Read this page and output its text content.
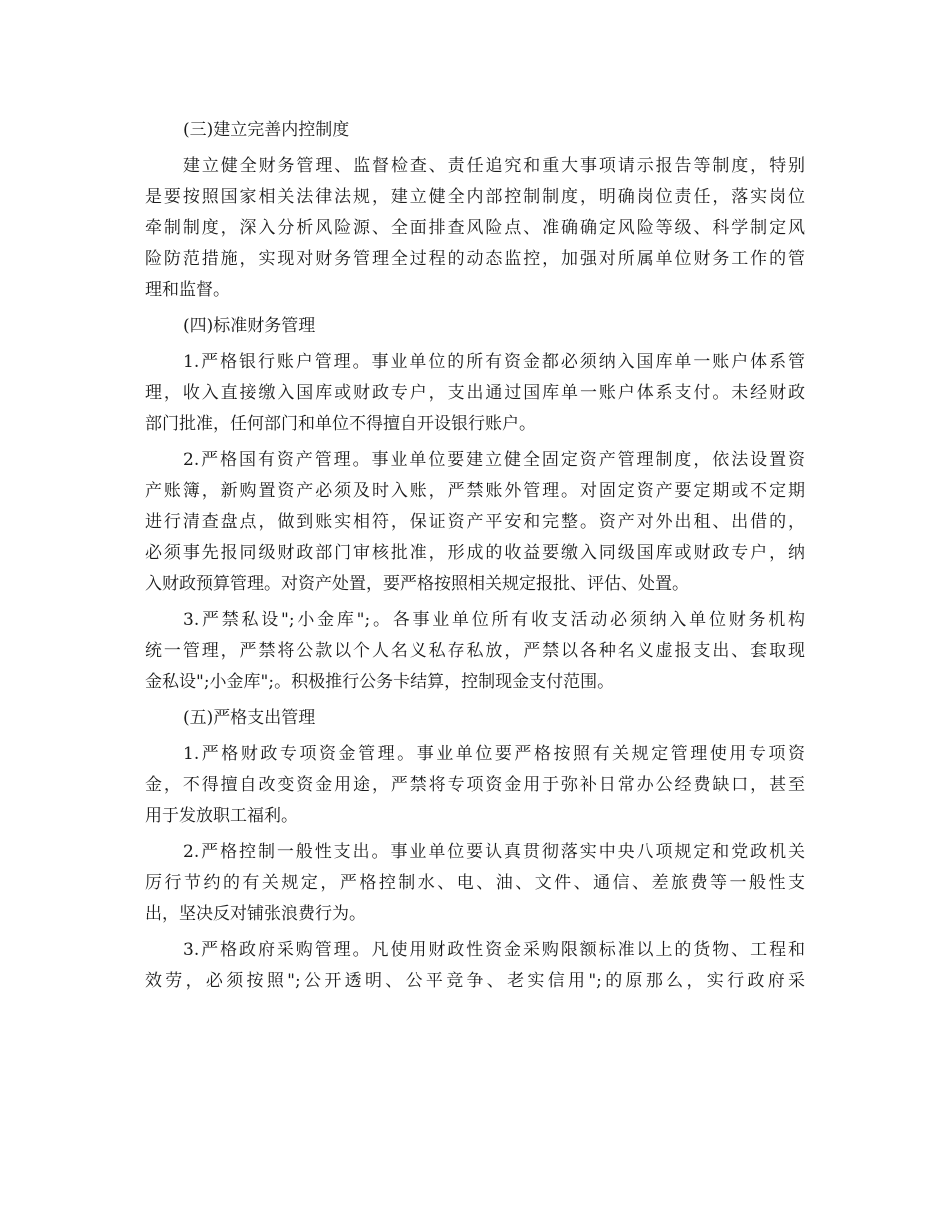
(三)建立完善内控制度
建立健全财务管理、监督检查、责任追究和重大事项请示报告等制度，特别
是要按照国家相关法律法规，建立健全内部控制制度，明确岗位责任，落实岗位
牵制制度，深入分析风险源、全面排查风险点、准确确定风险等级、科学制定风
险防范措施，实现对财务管理全过程的动态监控，加强对所属单位财务工作的管
理和监督。
(四)标准财务管理
1.严格银行账户管理。事业单位的所有资金都必须纳入国库单一账户体系管
理，收入直接缴入国库或财政专户，支出通过国库单一账户体系支付。未经财政
部门批准，任何部门和单位不得擅自开设银行账户。
2.严格国有资产管理。事业单位要建立健全固定资产管理制度，依法设置资
产账簿，新购置资产必须及时入账，严禁账外管理。对固定资产要定期或不定期
进行清查盘点，做到账实相符，保证资产平安和完整。资产对外出租、出借的，
必须事先报同级财政部门审核批准，形成的收益要缴入同级国库或财政专户，纳
入财政预算管理。对资产处置，要严格按照相关规定报批、评估、处置。
3.严禁私设";小金库";。各事业单位所有收支活动必须纳入单位财务机构
统一管理，严禁将公款以个人名义私存私放，严禁以各种名义虚报支出、套取现
金私设";小金库";。积极推行公务卡结算，控制现金支付范围。
(五)严格支出管理
1.严格财政专项资金管理。事业单位要严格按照有关规定管理使用专项资
金，不得擅自改变资金用途，严禁将专项资金用于弥补日常办公经费缺口，甚至
用于发放职工福利。
2.严格控制一般性支出。事业单位要认真贯彻落实中央八项规定和党政机关
厉行节约的有关规定，严格控制水、电、油、文件、通信、差旅费等一般性支
出，坚决反对铺张浪费行为。
3.严格政府采购管理。凡使用财政性资金采购限额标准以上的货物、工程和
效劳，必须按照";公开透明、公平竞争、老实信用";的原那么，实行政府采
